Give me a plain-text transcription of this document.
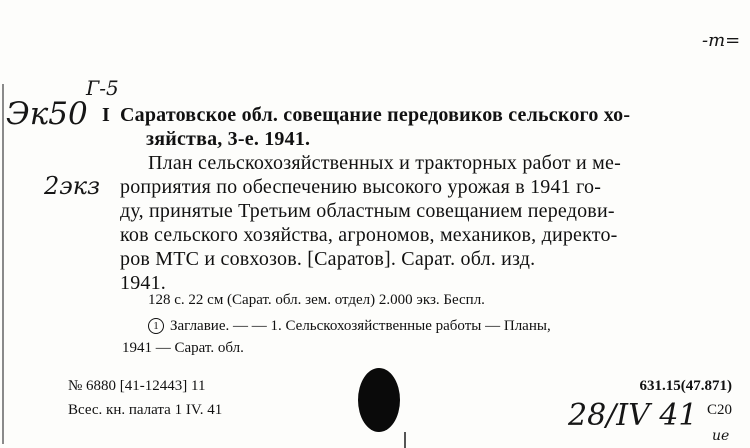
Г-5
Эк50
2экз
-т=
28/IV 41
ue
I Саратовское обл. совещание передовиков сельского хо-
зяйства, 3-е. 1941.
План сельскохозяйственных и тракторных работ и ме-
роприятия по обеспечению высокого урожая в 1941 го-
ду, принятые Третьим областным совещанием передови-
ков сельского хозяйства, агрономов, механиков, директо-
ров МТС и совхозов. [Саратов]. Сарат. обл. изд.
1941.
128 с. 22 см (Сарат. обл. зем. отдел) 2.000 экз. Беспл.
1 Заглавие. — — 1. Сельскохозяйственные работы — Планы,
1941 — Сарат. обл.
№ 6880 [41-12443] 11
Всес. кн. палата 1 IV. 41
631.15(47.871)
С20
